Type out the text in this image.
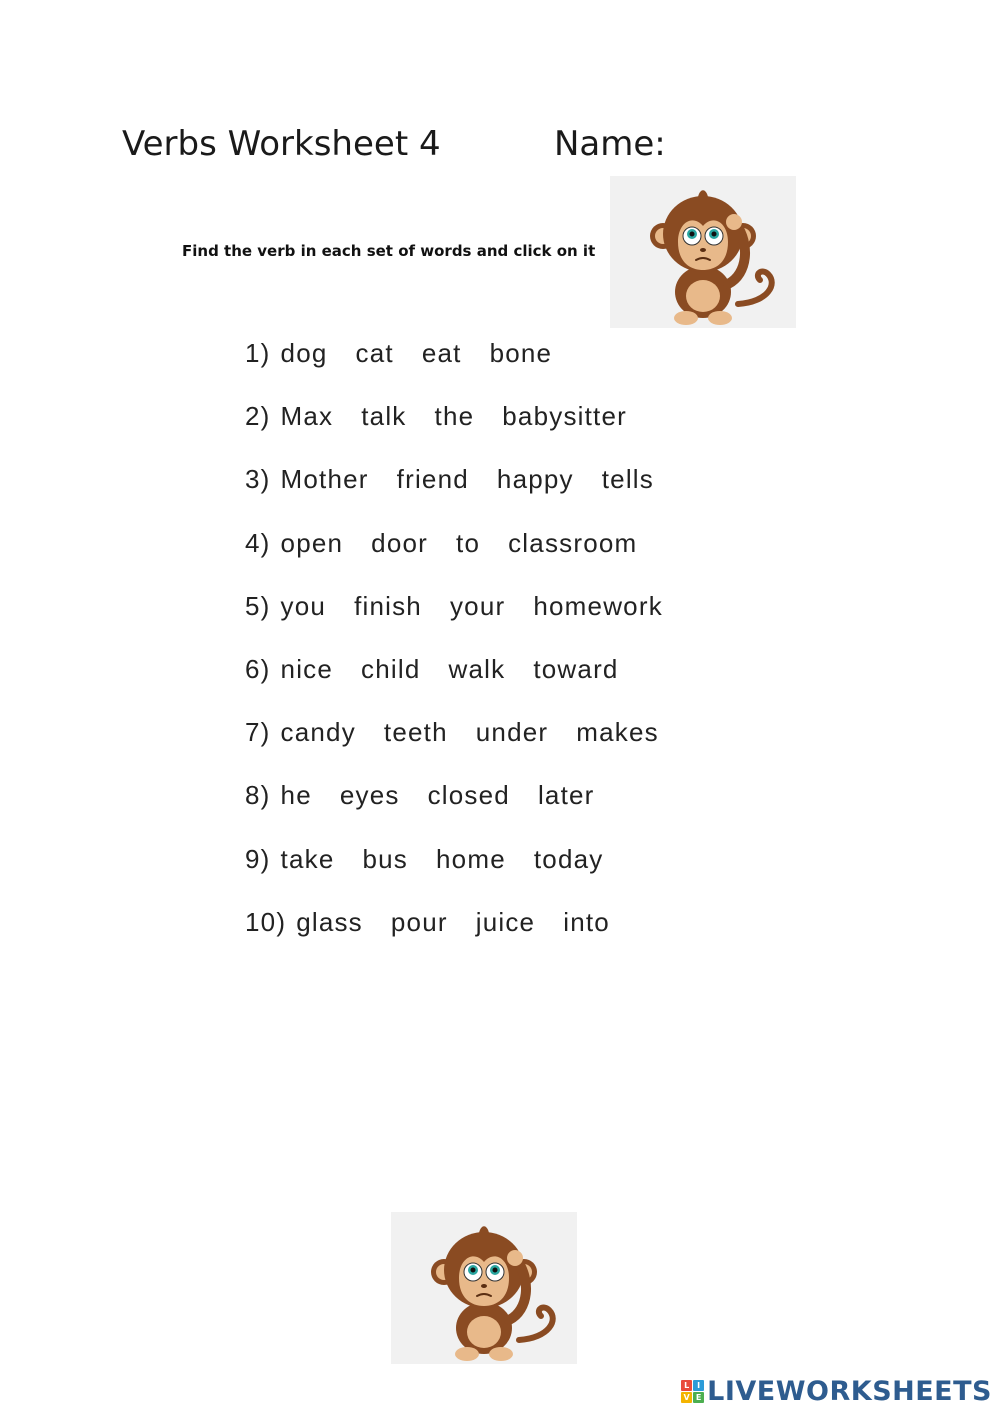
Verbs Worksheet 4	Name:
Find the verb in each set of words and click on it
1) dog cat eat bone
2) Max talk the babysitter
3) Mother friend happy tells
4) open door to classroom
5) you finish your homework
6) nice child walk toward
7) candy teeth under makes
8) he eyes closed later
9) take bus home today
10) glass pour juice into
L I
V E LIVEWORKSHEETS
